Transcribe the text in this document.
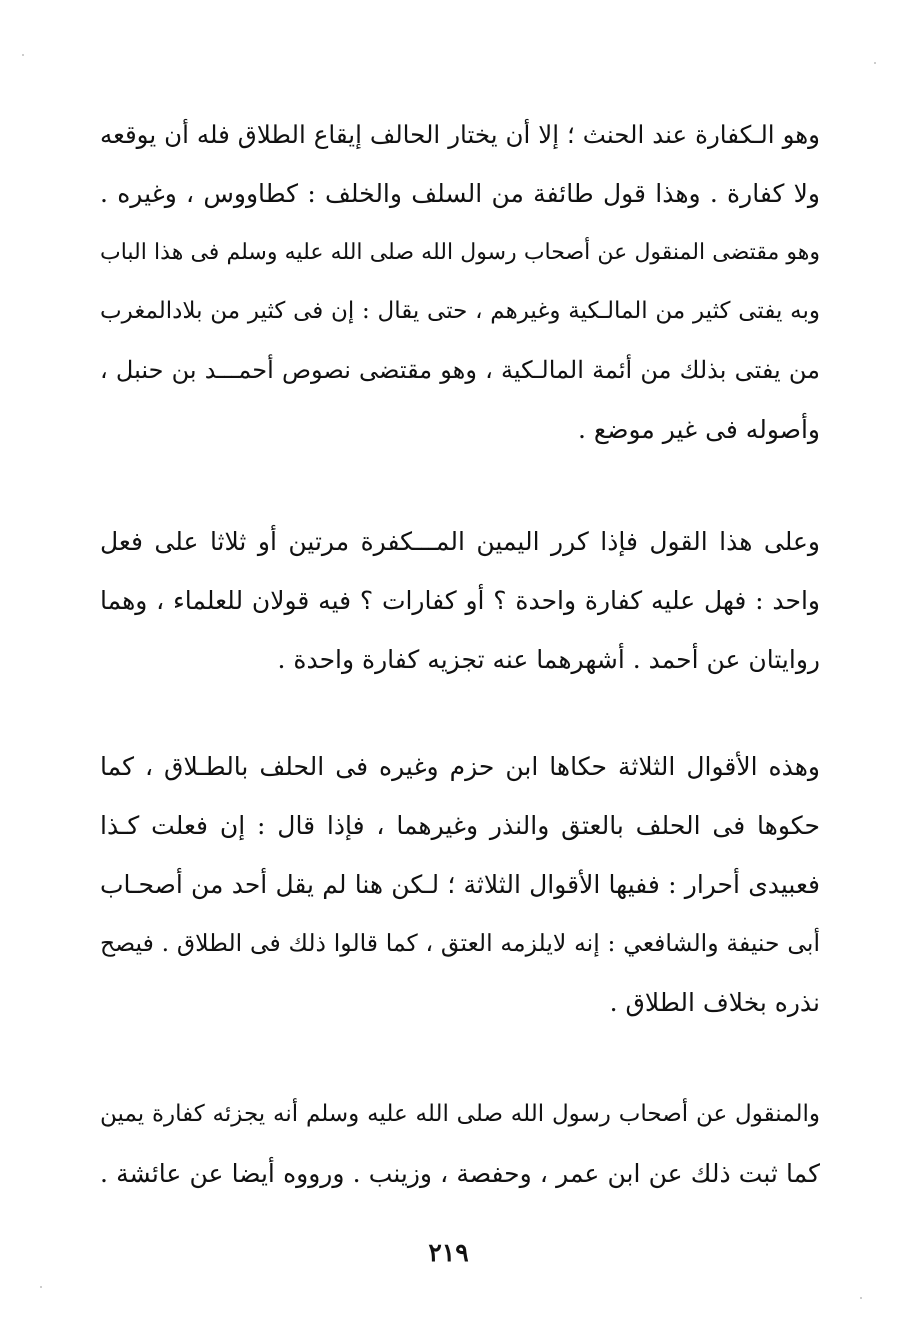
وهو الـكفارة عند الحنث ؛ إلا أن يختار الحالف إيقاع الطلاق فله أن يوقعه
ولا كفارة . وهذا قول طائفة من السلف والخلف : كطاووس ، وغيره .
وهو مقتضى المنقول عن أصحاب رسول الله صلى الله عليه وسلم فى هذا الباب
وبه يفتى كثير من المالـكية وغيرهم ، حتى يقال : إن فى كثير من بلادالمغرب
من يفتى بذلك من أئمة المالـكية ، وهو مقتضى نصوص أحمـــد بن حنبل ،
وأصوله فى غير موضع .
وعلى هذا القول فإذا كرر اليمين المـــكفرة مرتين أو ثلاثا على فعل
واحد : فهل عليه كفارة واحدة ؟ أو كفارات ؟ فيه قولان للعلماء ، وهما
روايتان عن أحمد . أشهرهما عنه تجزيه كفارة واحدة .
وهذه الأقوال الثلاثة حكاها ابن حزم وغيره فى الحلف بالطـلاق ، كما
حكوها فى الحلف بالعتق والنذر وغيرهما ، فإذا قال : إن فعلت كـذا
فعبيدى أحرار : ففيها الأقوال الثلاثة ؛ لـكن هنا لم يقل أحد من أصحـاب
أبى حنيفة والشافعي : إنه لايلزمه العتق ، كما قالوا ذلك فى الطلاق . فيصح
نذره بخلاف الطلاق .
والمنقول عن أصحاب رسول الله صلى الله عليه وسلم أنه يجزئه كفارة يمين
كما ثبت ذلك عن ابن عمر ، وحفصة ، وزينب . ورووه أيضا عن عائشة .
٢١٩
